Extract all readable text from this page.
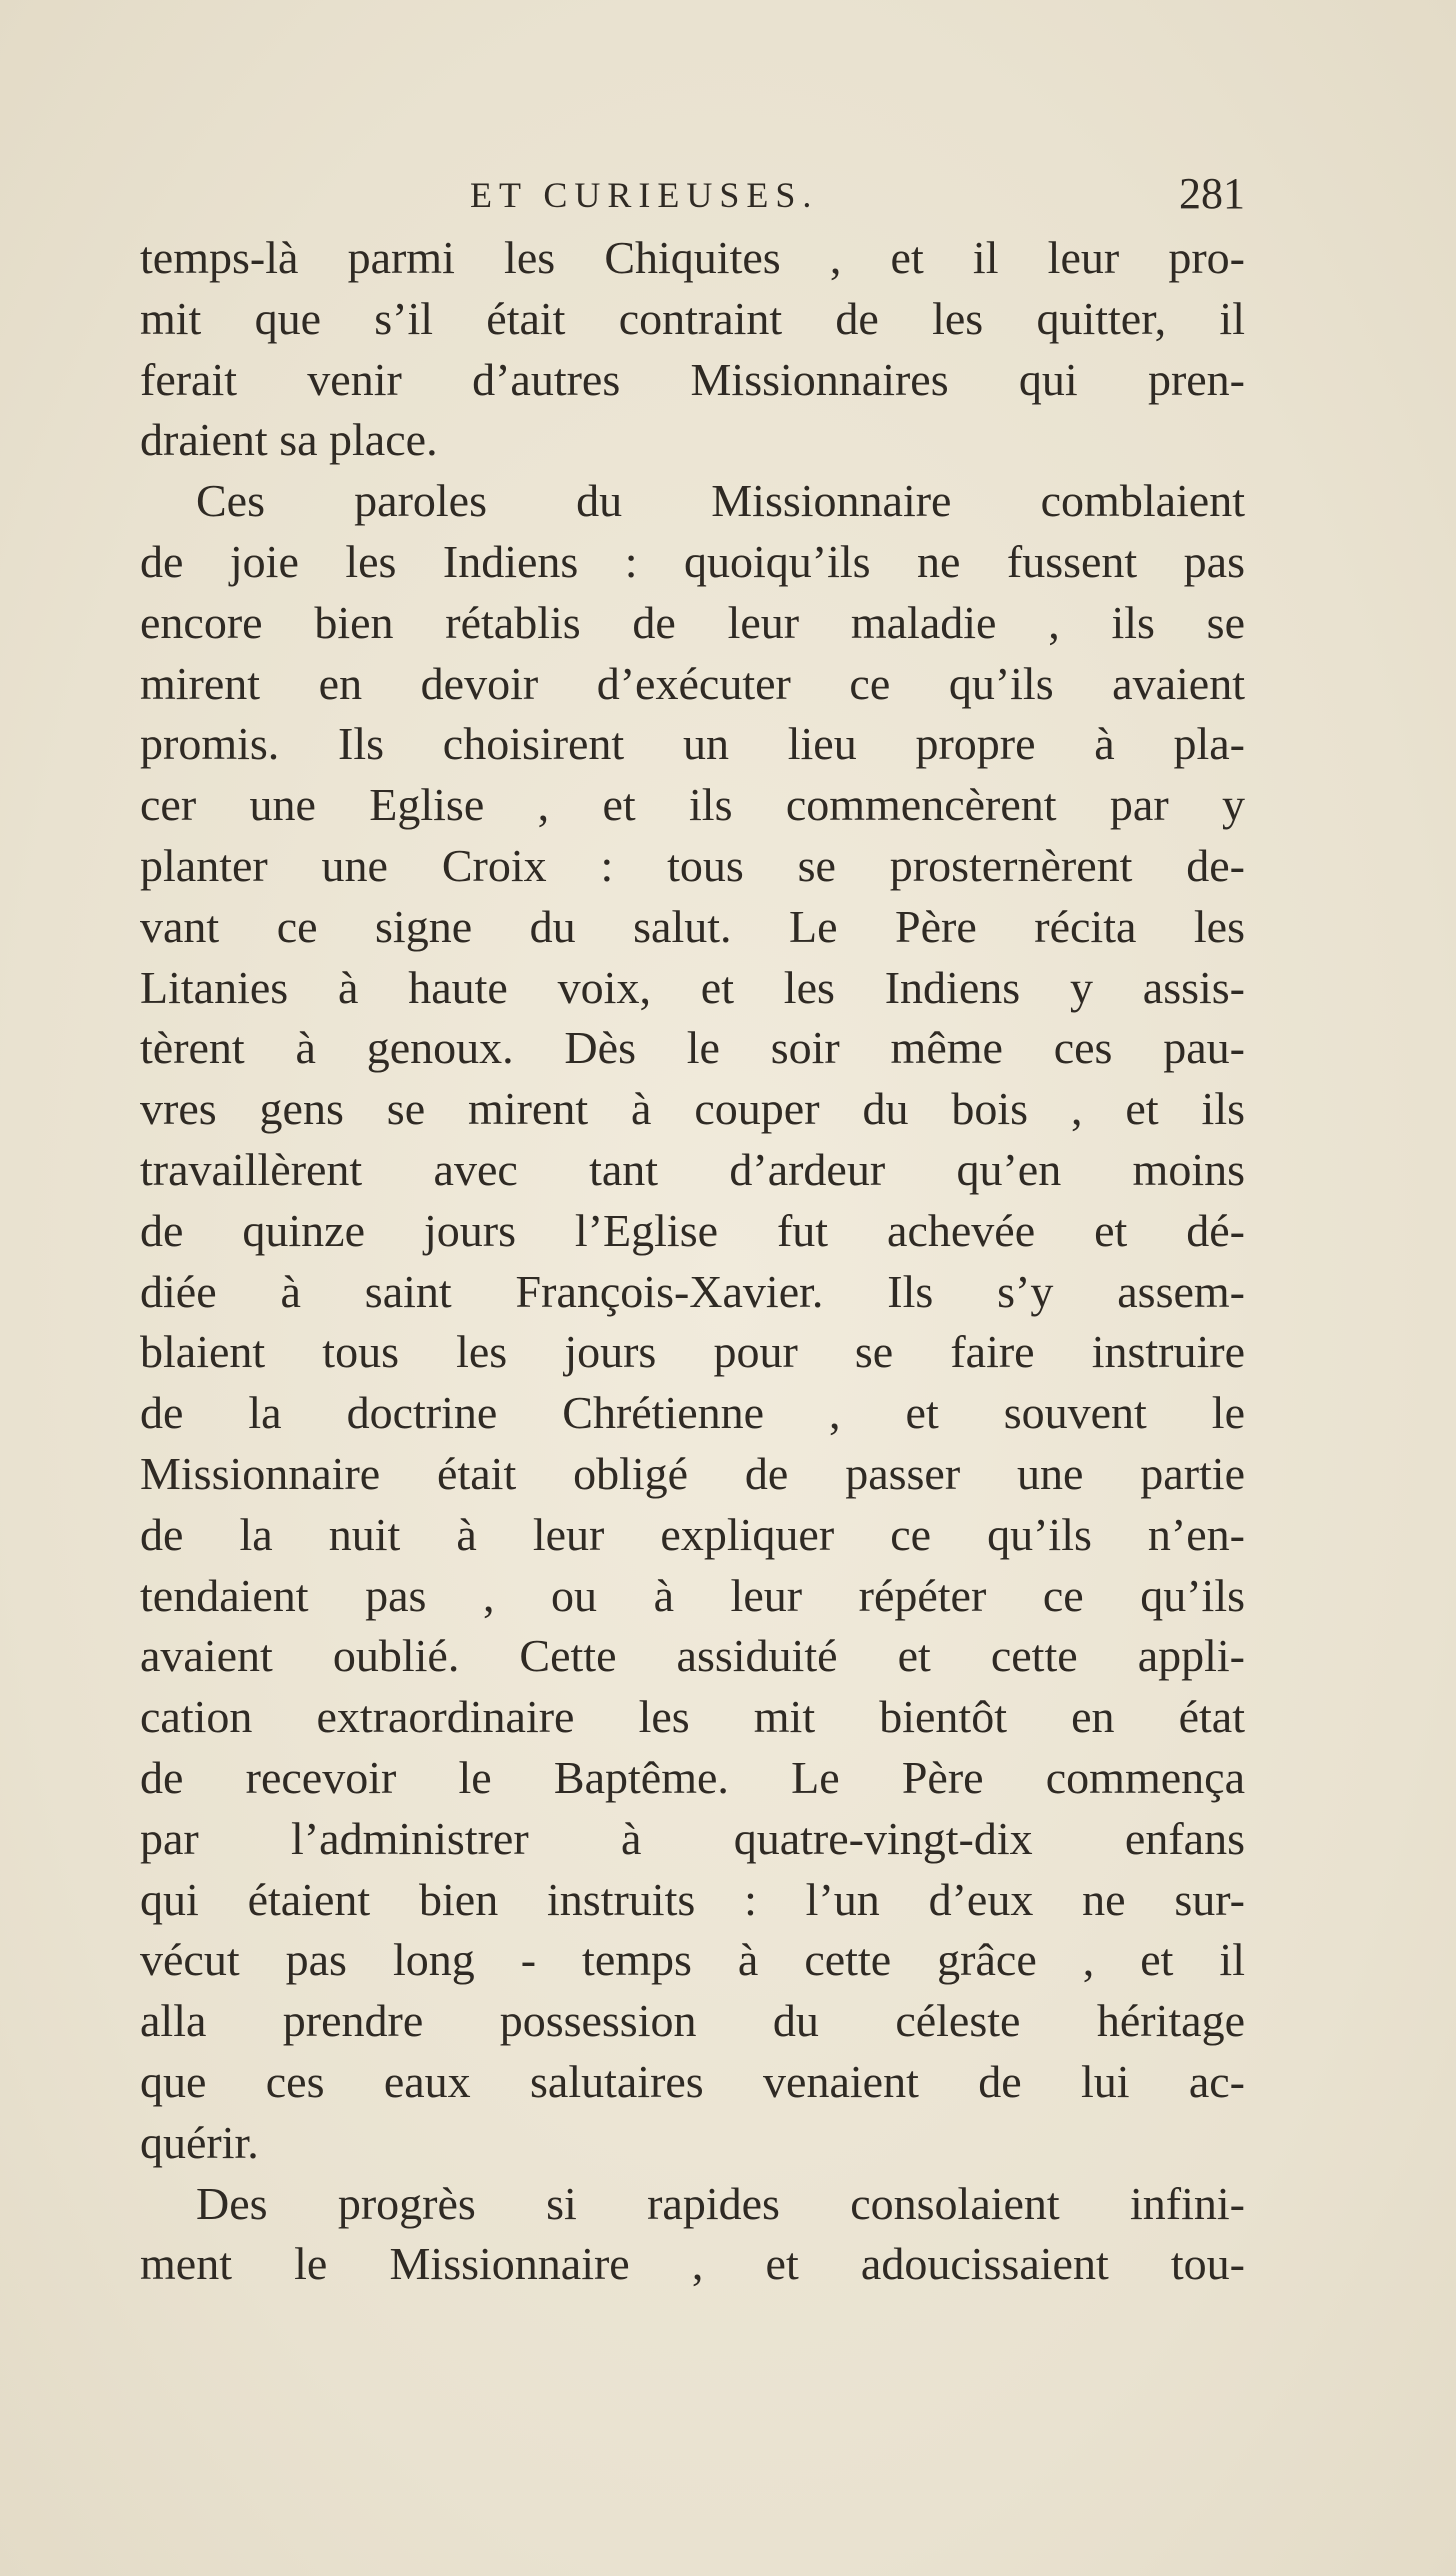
ET CURIEUSES.	281
temps-là parmi les Chiquites , et il leur pro-
mit que s’il était contraint de les quitter, il
ferait venir d’autres Missionnaires qui pren-
draient sa place.
Ces paroles du Missionnaire comblaient
de joie les Indiens : quoiqu’ils ne fussent pas
encore bien rétablis de leur maladie , ils se
mirent en devoir d’exécuter ce qu’ils avaient
promis. Ils choisirent un lieu propre à pla-
cer une Eglise , et ils commencèrent par y
planter une Croix : tous se prosternèrent de-
vant ce signe du salut. Le Père récita les
Litanies à haute voix, et les Indiens y assis-
tèrent à genoux. Dès le soir même ces pau-
vres gens se mirent à couper du bois , et ils
travaillèrent avec tant d’ardeur qu’en moins
de quinze jours l’Eglise fut achevée et dé-
diée à saint François-Xavier. Ils s’y assem-
blaient tous les jours pour se faire instruire
de la doctrine Chrétienne , et souvent le
Missionnaire était obligé de passer une partie
de la nuit à leur expliquer ce qu’ils n’en-
tendaient pas , ou à leur répéter ce qu’ils
avaient oublié. Cette assiduité et cette appli-
cation extraordinaire les mit bientôt en état
de recevoir le Baptême. Le Père commença
par l’administrer à quatre-vingt-dix enfans
qui étaient bien instruits : l’un d’eux ne sur-
vécut pas long - temps à cette grâce , et il
alla prendre possession du céleste héritage
que ces eaux salutaires venaient de lui ac-
quérir.
Des progrès si rapides consolaient infini-
ment le Missionnaire , et adoucissaient tou-
